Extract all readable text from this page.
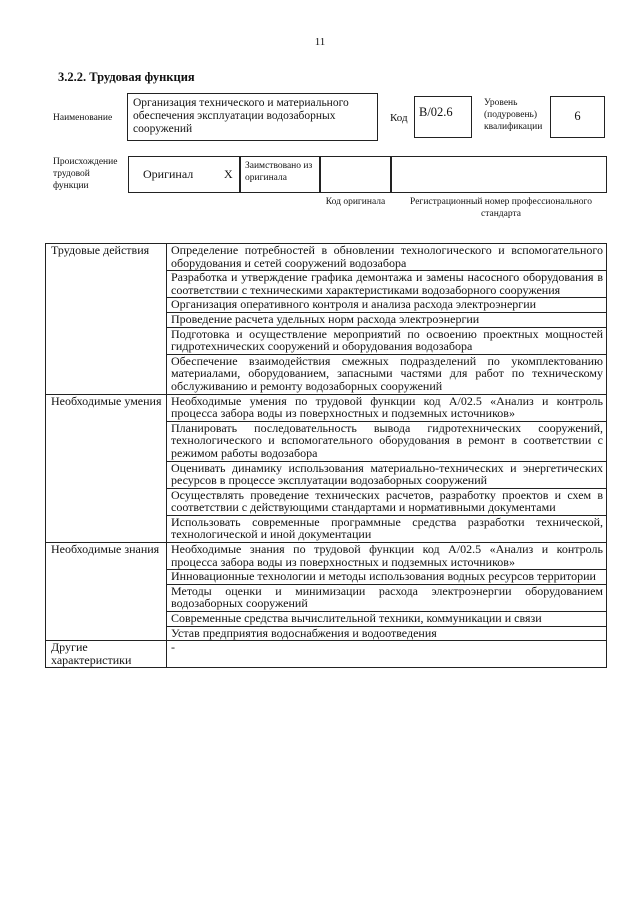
11
3.2.2. Трудовая функция
Наименование
Организация технического и материального обеспечения эксплуатации водозаборных сооружений
Код B/02.6
Уровень (подуровень) квалификации
6
Происхождение трудовой функции
Оригинал	X
Заимствовано из оригинала
Код оригинала	Регистрационный номер профессионального стандарта
Трудовые действия	Определение потребностей в обновлении технологического и вспомогательного оборудования и сетей сооружений водозабора
	Разработка и утверждение графика демонтажа и замены насосного оборудования в соответствии с техническими характеристиками водозаборного сооружения
	Организация оперативного контроля и анализа расхода электроэнергии
	Проведение расчета удельных норм расхода электроэнергии
	Подготовка и осуществление мероприятий по освоению проектных мощностей гидротехнических сооружений и оборудования водозабора
	Обеспечение взаимодействия смежных подразделений по укомплектованию материалами, оборудованием, запасными частями для работ по техническому обслуживанию и ремонту водозаборных сооружений
Необходимые умения	Необходимые умения по трудовой функции код А/02.5 «Анализ и контроль процесса забора воды из поверхностных и подземных источников»
	Планировать последовательность вывода гидротехнических сооружений, технологического и вспомогательного оборудования в ремонт в соответствии с режимом работы водозабора
	Оценивать динамику использования материально-технических и энергетических ресурсов в процессе эксплуатации водозаборных сооружений
	Осуществлять проведение технических расчетов, разработку проектов и схем в соответствии с действующими стандартами и нормативными документами
	Использовать современные программные средства разработки технической, технологической и иной документации
Необходимые знания	Необходимые знания по трудовой функции код А/02.5 «Анализ и контроль процесса забора воды из поверхностных и подземных источников»
	Инновационные технологии и методы использования водных ресурсов территории
	Методы оценки и минимизации расхода электроэнергии оборудованием водозаборных сооружений
	Современные средства вычислительной техники, коммуникации и связи
	Устав предприятия водоснабжения и водоотведения
Другие характеристики	-
